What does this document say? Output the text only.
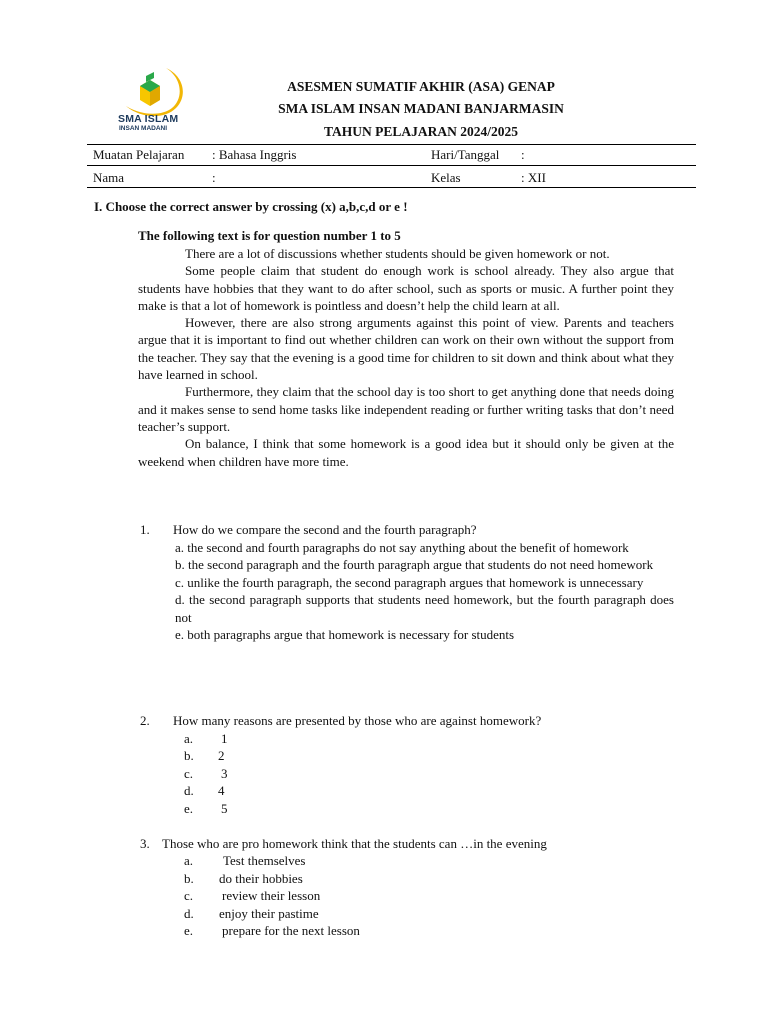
SMA ISLAM
INSAN MADANI
ASESMEN SUMATIF AKHIR (ASA) GENAP
SMA ISLAM INSAN MADANI BANJARMASIN
TAHUN PELAJARAN 2024/2025
Muatan Pelajaran : Bahasa Inggris	Hari/Tanggal :
Nama	:	Kelas	: XII
I. Choose the correct answer by crossing (x) a,b,c,d or e !
The following text is for question number 1 to 5

There are a lot of discussions whether students should be given homework or not.

Some people claim that student do enough work is school already. They also argue that students have hobbies that they want to do after school, such as sports or music. A further point they make is that a lot of homework is pointless and doesn’t help the child learn at all.

However, there are also strong arguments against this point of view. Parents and teachers argue that it is important to find out whether children can work on their own without the support from the teacher. They say that the evening is a good time for children to sit down and think about what they have learned in school.

Furthermore, they claim that the school day is too short to get anything done that needs doing and it makes sense to send home tasks like independent reading or further writing tasks that don’t need teacher’s support.

On balance, I think that some homework is a good idea but it should only be given at the weekend when children have more time.

1. How do we compare the second and the fourth paragraph?
a. the second and fourth paragraphs do not say anything about the benefit of homework
b. the second paragraph and the fourth paragraph argue that students do not need homework
c. unlike the fourth paragraph, the second paragraph argues that homework is unnecessary
d. the second paragraph supports that students need homework, but the fourth paragraph does not
e. both paragraphs argue that homework is necessary for students
2. How many reasons are presented by those who are against homework?
a. 1
b. 2
c. 3
d. 4
e. 5
3. Those who are pro homework think that the students can …in the evening
a. Test themselves
b. do their hobbies
c. review their lesson
d. enjoy their pastime
e. prepare for the next lesson
